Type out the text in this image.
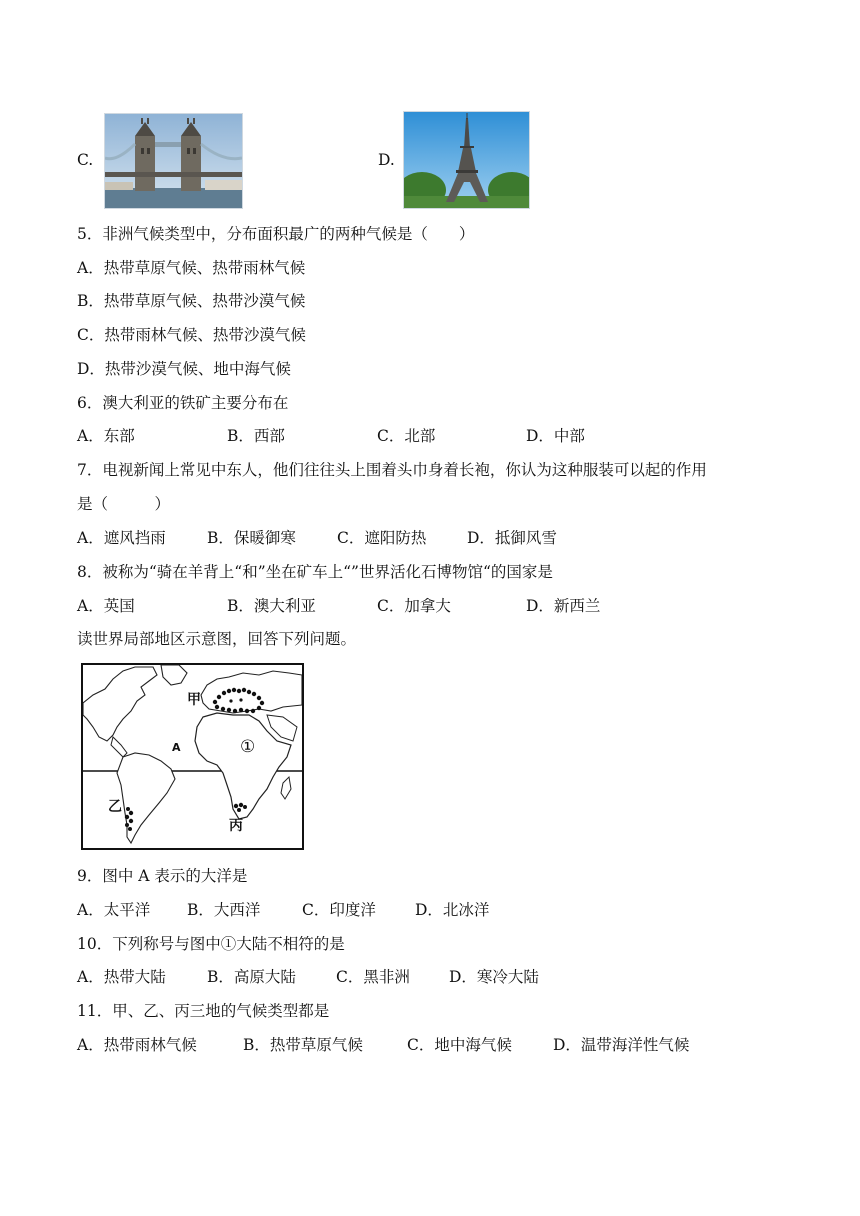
C.	D.
5．非洲气候类型中，分布面积最广的两种气候是（　　）
A．热带草原气候、热带雨林气候
B．热带草原气候、热带沙漠气候
C．热带雨林气候、热带沙漠气候
D．热带沙漠气候、地中海气候
6．澳大利亚的铁矿主要分布在
A．东部	B．西部	C．北部	D．中部
7．电视新闻上常见中东人，他们往往头上围着头巾身着长袍，你认为这种服装可以起的作用
是（　　　）
A．遮风挡雨	B．保暖御寒	C．遮阳防热	D．抵御风雪
8．被称为“骑在羊背上“和”坐在矿车上“”世界活化石博物馆“的国家是
A．英国	B．澳大利亚	C．加拿大	D．新西兰
读世界局部地区示意图，回答下列问题。
甲
A	①
乙
丙
9．图中 A 表示的大洋是
A．太平洋 B．大西洋	C．印度洋	D．北冰洋
10．下列称号与图中①大陆不相符的是
A．热带大陆	B．高原大陆	C．黑非洲	D．寒冷大陆
11．甲、乙、丙三地的气候类型都是
A．热带雨林气候	B．热带草原气候	C．地中海气候	D．温带海洋性气候
